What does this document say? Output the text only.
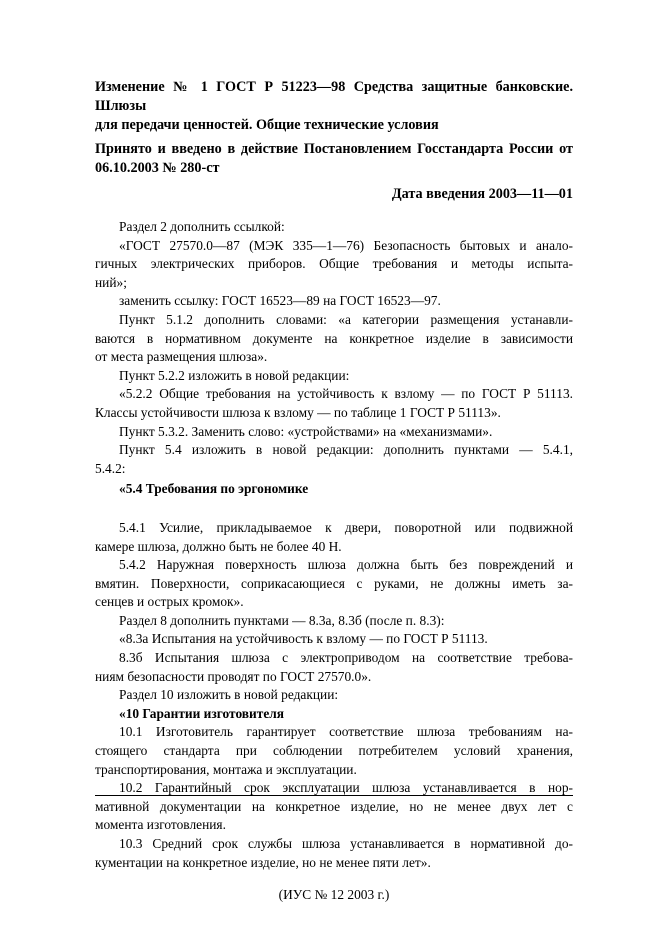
Изменение № 1 ГОСТ Р 51223—98 Средства защитные банковские. Шлюзы
для передачи ценностей. Общие технические условия
Принято и введено в действие Постановлением Госстандарта России от
06.10.2003 № 280-ст
Дата введения 2003—11—01
Раздел 2 дополнить ссылкой:
«ГОСТ 27570.0—87 (МЭК 335—1—76) Безопасность бытовых и анало-
гичных электрических приборов. Общие требования и методы испыта-
ний»;
заменить ссылку: ГОСТ 16523—89 на ГОСТ 16523—97.
Пункт 5.1.2 дополнить словами: «а категории размещения устанавли-
ваются в нормативном документе на конкретное изделие в зависимости
от места размещения шлюза».
Пункт 5.2.2 изложить в новой редакции:
«5.2.2 Общие требования на устойчивость к взлому — по ГОСТ Р 51113.
Классы устойчивости шлюза к взлому — по таблице 1 ГОСТ Р 51113».
Пункт 5.3.2. Заменить слово: «устройствами» на «механизмами».
Пункт 5.4 изложить в новой редакции: дополнить пунктами — 5.4.1,
5.4.2:
«5.4 Требования по эргономике
5.4.1 Усилие, прикладываемое к двери, поворотной или подвижной
камере шлюза, должно быть не более 40 Н.
5.4.2 Наружная поверхность шлюза должна быть без повреждений и
вмятин. Поверхности, соприкасающиеся с руками, не должны иметь за-
сенцев и острых кромок».
Раздел 8 дополнить пунктами — 8.3а, 8.3б (после п. 8.3):
«8.3а Испытания на устойчивость к взлому — по ГОСТ Р 51113.
8.3б Испытания шлюза с электроприводом на соответствие требова-
ниям безопасности проводят по ГОСТ 27570.0».
Раздел 10 изложить в новой редакции:
«10 Гарантии изготовителя
10.1 Изготовитель гарантирует соответствие шлюза требованиям на-
стоящего стандарта при соблюдении потребителем условий хранения,
транспортирования, монтажа и эксплуатации.
10.2 Гарантийный срок эксплуатации шлюза устанавливается в нор-
мативной документации на конкретное изделие, но не менее двух лет с
момента изготовления.
10.3 Средний срок службы шлюза устанавливается в нормативной до-
кументации на конкретное изделие, но не менее пяти лет».
(ИУС № 12 2003 г.)
